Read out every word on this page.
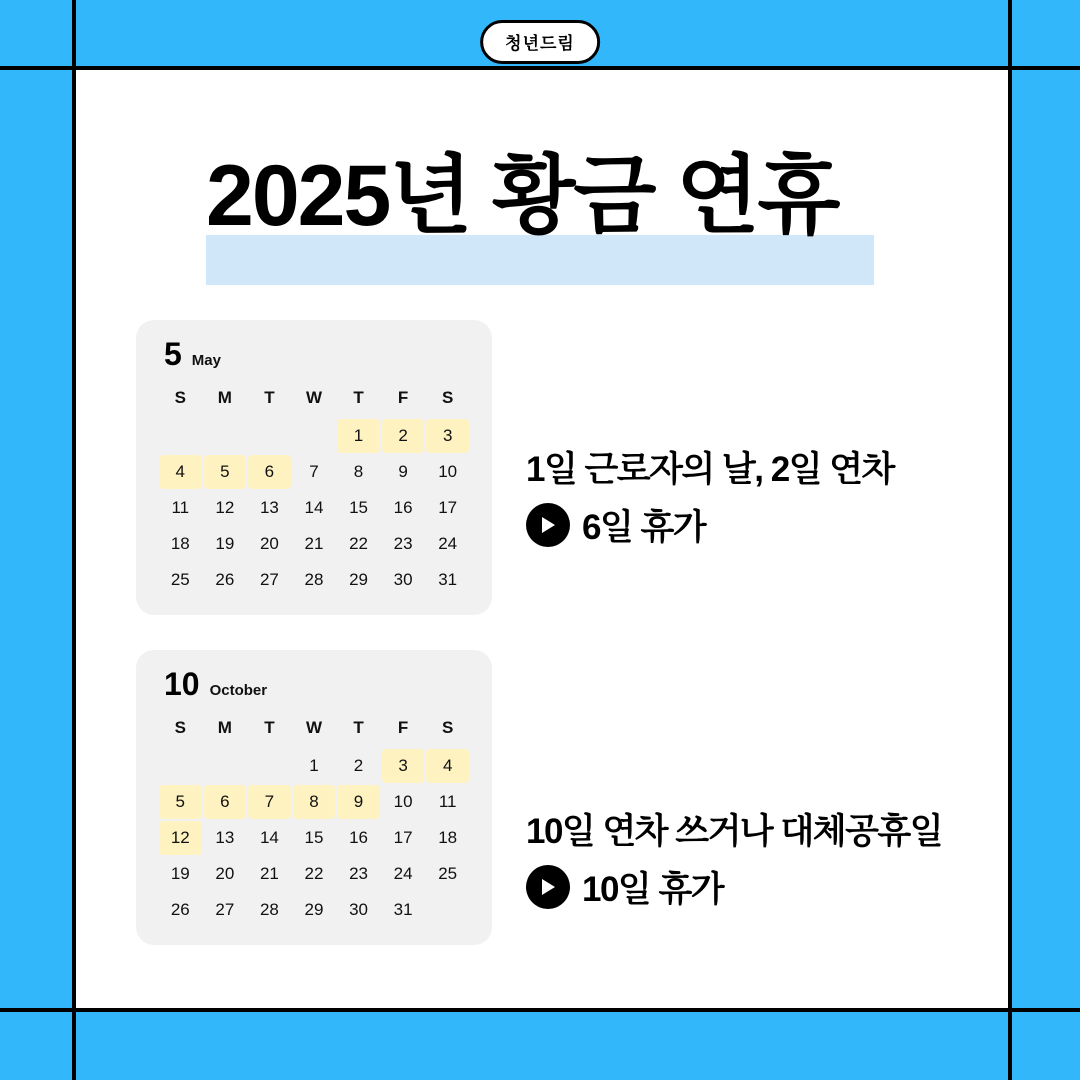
청년드림
2025년 황금 연휴
5 May
S	M	T	W	T	F	S

				1	2	3

4	5	6	7	8	9	10
11	12	13	14	15	16	17
18	19	20	21	22	23	24
25	26	27	28	29	30	31
1일 근로자의 날, 2일 연차
6일 휴가
10 October
S	M	T	W	T	F	S
			1	2	3	4

5	6	7	8	9	10	11

12	13	14	15	16	17	18
19	20	21	22	23	24	25
26	27	28	29	30	31	
10일 연차 쓰거나 대체공휴일
10일 휴가
